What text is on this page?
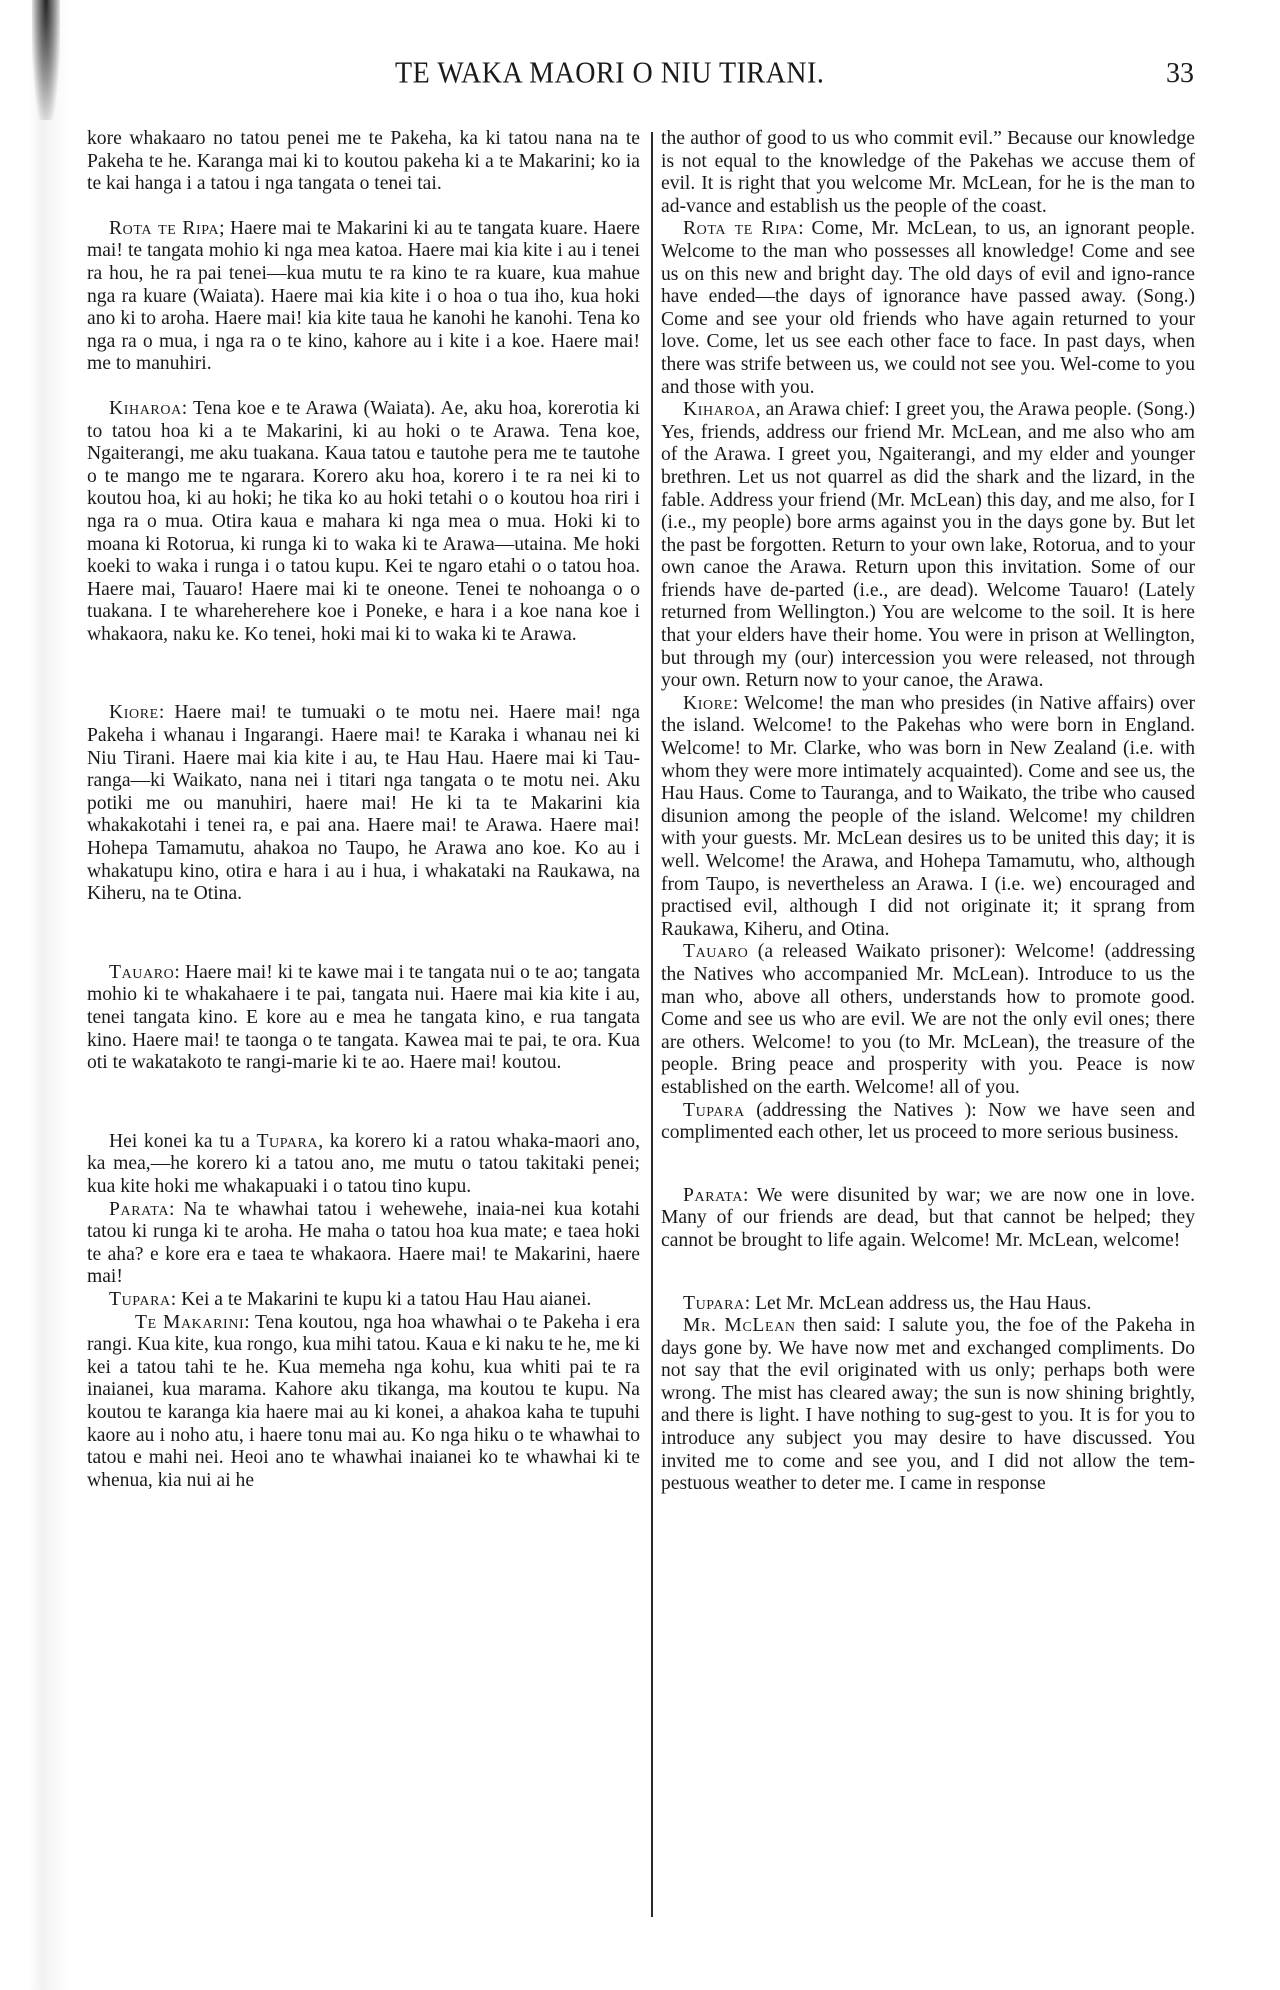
TE WAKA MAORI O NIU TIRANI.	33

kore whakaaro no tatou penei me te Pakeha, ka ki tatou nana na te Pakeha te he. Karanga mai ki to koutou pakeha ki a te Makarini; ko ia te kai hanga i a tatou i nga tangata o tenei tai.

Rota te Ripa; Haere mai te Makarini ki au te tangata kuare. Haere mai! te tangata mohio ki nga mea katoa. Haere mai kia kite i au i tenei ra hou, he ra pai tenei—kua mutu te ra kino te ra kuare, kua mahue nga ra kuare (Waiata). Haere mai kia kite i o hoa o tua iho, kua hoki ano ki to aroha. Haere mai! kia kite taua he kanohi he kanohi. Tena ko nga ra o mua, i nga ra o te kino, kahore au i kite i a koe. Haere mai! me to manuhiri.

Kiharoa: Tena koe e te Arawa (Waiata). Ae, aku hoa, korerotia ki to tatou hoa ki a te Makarini, ki au hoki o te Arawa. Tena koe, Ngaiterangi, me aku tuakana. Kaua tatou e tautohe pera me te tautohe o te mango me te ngarara. Korero aku hoa, korero i te ra nei ki to koutou hoa, ki au hoki; he tika ko au hoki tetahi o o koutou hoa riri i nga ra o mua. Otira kaua e mahara ki nga mea o mua. Hoki ki to moana ki Rotorua, ki runga ki to waka ki te Arawa—utaina. Me hoki koeki to waka i runga i o tatou kupu. Kei te ngaro etahi o o tatou hoa. Haere mai, Tauaro! Haere mai ki te oneone. Tenei te nohoanga o o tuakana. I te whareherehere koe i Poneke, e hara i a koe nana koe i whakaora, naku ke. Ko tenei, hoki mai ki to waka ki te Arawa.

Kiore: Haere mai! te tumuaki o te motu nei. Haere mai! nga Pakeha i whanau i Ingarangi. Haere mai! te Karaka i whanau nei ki Niu Tirani. Haere mai kia kite i au, te Hau Hau. Haere mai ki Tau-ranga—ki Waikato, nana nei i titari nga tangata o te motu nei. Aku potiki me ou manuhiri, haere mai! He ki ta te Makarini kia whakakotahi i tenei ra, e pai ana. Haere mai! te Arawa. Haere mai! Hohepa Tamamutu, ahakoa no Taupo, he Arawa ano koe. Ko au i whakatupu kino, otira e hara i au i hua, i whakataki na Raukawa, na Kiheru, na te Otina.

Tauaro: Haere mai! ki te kawe mai i te tangata nui o te ao; tangata mohio ki te whakahaere i te pai, tangata nui. Haere mai kia kite i au, tenei tangata kino. E kore au e mea he tangata kino, e rua tangata kino. Haere mai! te taonga o te tangata. Kawea mai te pai, te ora. Kua oti te wakatakoto te rangi-marie ki te ao. Haere mai! koutou.

Hei konei ka tu a Tupara, ka korero ki a ratou whaka-maori ano, ka mea,—he korero ki a tatou ano, me mutu o tatou takitaki penei; kua kite hoki me whakapuaki i o tatou tino kupu.

Parata: Na te whawhai tatou i wehewehe, inaia-nei kua kotahi tatou ki runga ki te aroha. He maha o tatou hoa kua mate; e taea hoki te aha? e kore era e taea te whakaora. Haere mai! te Makarini, haere mai!

Tupara: Kei a te Makarini te kupu ki a tatou Hau Hau aianei.

Te Makarini: Tena koutou, nga hoa whawhai o te Pakeha i era rangi. Kua kite, kua rongo, kua mihi tatou. Kaua e ki naku te he, me ki kei a tatou tahi te he. Kua memeha nga kohu, kua whiti pai te ra inaianei, kua marama. Kahore aku tikanga, ma koutou te kupu. Na koutou te karanga kia haere mai au ki konei, a ahakoa kaha te tupuhi kaore au i noho atu, i haere tonu mai au. Ko nga hiku o te whawhai to tatou e mahi nei. Heoi ano te whawhai inaianei ko te whawhai ki te whenua, kia nui ai he

the author of good to us who commit evil.” Because our knowledge is not equal to the knowledge of the Pakehas we accuse them of evil. It is right that you welcome Mr. McLean, for he is the man to ad-vance and establish us the people of the coast.

Rota te Ripa: Come, Mr. McLean, to us, an ignorant people. Welcome to the man who possesses all knowledge! Come and see us on this new and bright day. The old days of evil and igno-rance have ended—the days of ignorance have passed away. (Song.) Come and see your old friends who have again returned to your love. Come, let us see each other face to face. In past days, when there was strife between us, we could not see you. Wel-come to you and those with you.

Kiharoa, an Arawa chief: I greet you, the Arawa people. (Song.) Yes, friends, address our friend Mr. McLean, and me also who am of the Arawa. I greet you, Ngaiterangi, and my elder and younger brethren. Let us not quarrel as did the shark and the lizard, in the fable. Address your friend (Mr. McLean) this day, and me also, for I (i.e., my people) bore arms against you in the days gone by. But let the past be forgotten. Return to your own lake, Rotorua, and to your own canoe the Arawa. Return upon this invitation. Some of our friends have de-parted (i.e., are dead). Welcome Tauaro! (Lately returned from Wellington.) You are welcome to the soil. It is here that your elders have their home. You were in prison at Wellington, but through my (our) intercession you were released, not through your own. Return now to your canoe, the Arawa.

Kiore: Welcome! the man who presides (in Native affairs) over the island. Welcome! to the Pakehas who were born in England. Welcome! to Mr. Clarke, who was born in New Zealand (i.e. with whom they were more intimately acquainted). Come and see us, the Hau Haus. Come to Tauranga, and to Waikato, the tribe who caused disunion among the people of the island. Welcome! my children with your guests. Mr. McLean desires us to be united this day; it is well. Welcome! the Arawa, and Hohepa Tamamutu, who, although from Taupo, is nevertheless an Arawa. I (i.e. we) encouraged and practised evil, although I did not originate it; it sprang from Raukawa, Kiheru, and Otina.

Tauaro (a released Waikato prisoner): Welcome! (addressing the Natives who accompanied Mr. McLean). Introduce to us the man who, above all others, understands how to promote good. Come and see us who are evil. We are not the only evil ones; there are others. Welcome! to you (to Mr. McLean), the treasure of the people. Bring peace and prosperity with you. Peace is now established on the earth. Welcome! all of you.

Tupara (addressing the Natives ): Now we have seen and complimented each other, let us proceed to more serious business.

Parata: We were disunited by war; we are now one in love. Many of our friends are dead, but that cannot be helped; they cannot be brought to life again. Welcome! Mr. McLean, welcome!

Tupara: Let Mr. McLean address us, the Hau Haus.

Mr. McLean then said: I salute you, the foe of the Pakeha in days gone by. We have now met and exchanged compliments. Do not say that the evil originated with us only; perhaps both were wrong. The mist has cleared away; the sun is now shining brightly, and there is light. I have nothing to sug-gest to you. It is for you to introduce any subject you may desire to have discussed. You invited me to come and see you, and I did not allow the tem-pestuous weather to deter me. I came in response
